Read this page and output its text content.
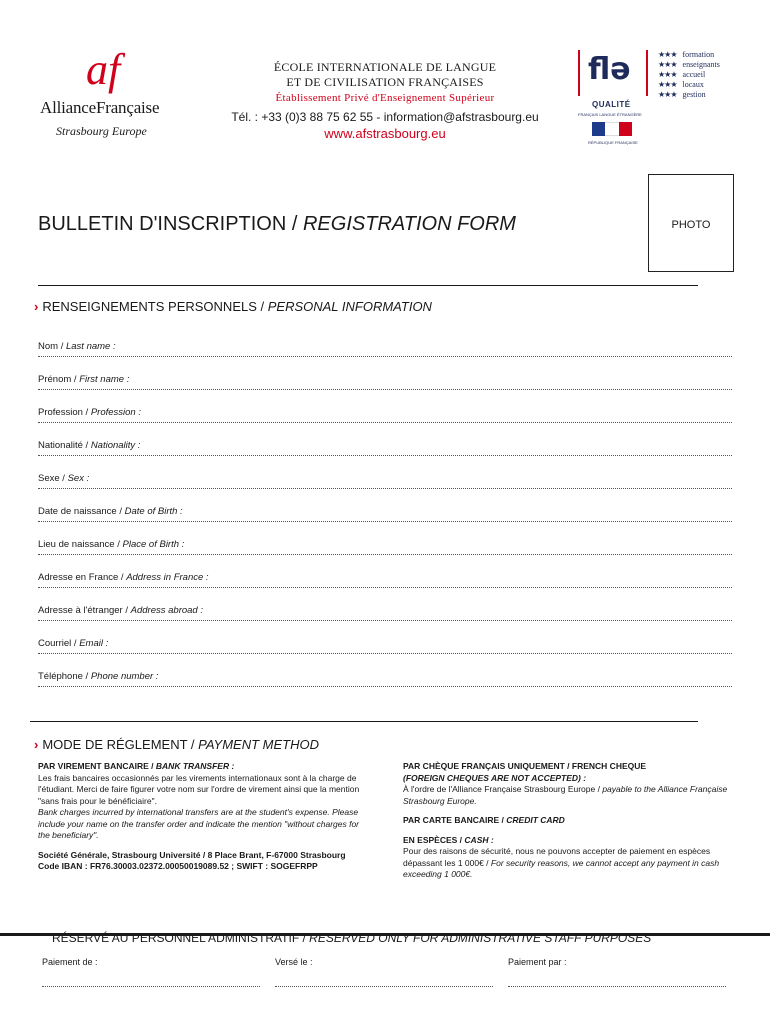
af
AllianceFrançaise
Strasbourg Europe
ÉCOLE INTERNATIONALE DE LANGUE
ET DE CIVILISATION FRANÇAISES
Établissement Privé d'Enseignement Supérieur
Tél. : +33 (0)3 88 75 62 55 - information@afstrasbourg.eu
www.afstrasbourg.eu
flə	★★★ formation
★★★ enseignants
★★★ accueil
★★★ locaux
★★★ gestion
QUALITÉ
FRANÇAIS LANGUE ÉTRANGÈRE
RÉPUBLIQUE FRANÇAISE
BULLETIN D'INSCRIPTION / REGISTRATION FORM	PHOTO
› RENSEIGNEMENTS PERSONNELS / PERSONAL INFORMATION
Nom / Last name :
Prénom / First name :
Profession / Profession :
Nationalité / Nationality :
Sexe / Sex :
Date de naissance / Date of Birth :
Lieu de naissance / Place of Birth :
Adresse en France / Address in France :
Adresse à l'étranger / Address abroad :
Courriel / Email :
Téléphone / Phone number :
› MODE DE RÉGLEMENT / PAYMENT METHOD
PAR VIREMENT BANCAIRE / BANK TRANSFER :
Les frais bancaires occasionnés par les virements internationaux sont à la charge de l'étudiant. Merci de faire figurer votre nom sur l'ordre de virement ainsi que la mention "sans frais pour le bénéficiaire".

Bank charges incurred by international transfers are at the student's expense. Please include your name on the transfer order and indicate the mention "without charges for the beneficiary".

Société Générale, Strasbourg Université / 8 Place Brant, F-67000 Strasbourg
Code IBAN : FR76.30003.02372.00050019089.52 ; SWIFT : SOGEFRPP
PAR CHÈQUE FRANÇAIS UNIQUEMENT / FRENCH CHEQUE
(FOREIGN CHEQUES ARE NOT ACCEPTED) :

À l'ordre de l'Alliance Française Strasbourg Europe / payable to the Alliance Française Strasbourg Europe.

PAR CARTE BANCAIRE / CREDIT CARD

EN ESPÈCES / CASH :
Pour des raisons de sécurité, nous ne pouvons accepter de paiement en espèces dépassant les 1 000€ / For security reasons, we cannot accept any payment in cash exceeding 1 000€.
RÉSERVÉ AU PERSONNEL ADMINISTRATIF / RESERVED ONLY FOR ADMINISTRATIVE STAFF PURPOSES
Paiement de :	Versé le :	Paiement par :
